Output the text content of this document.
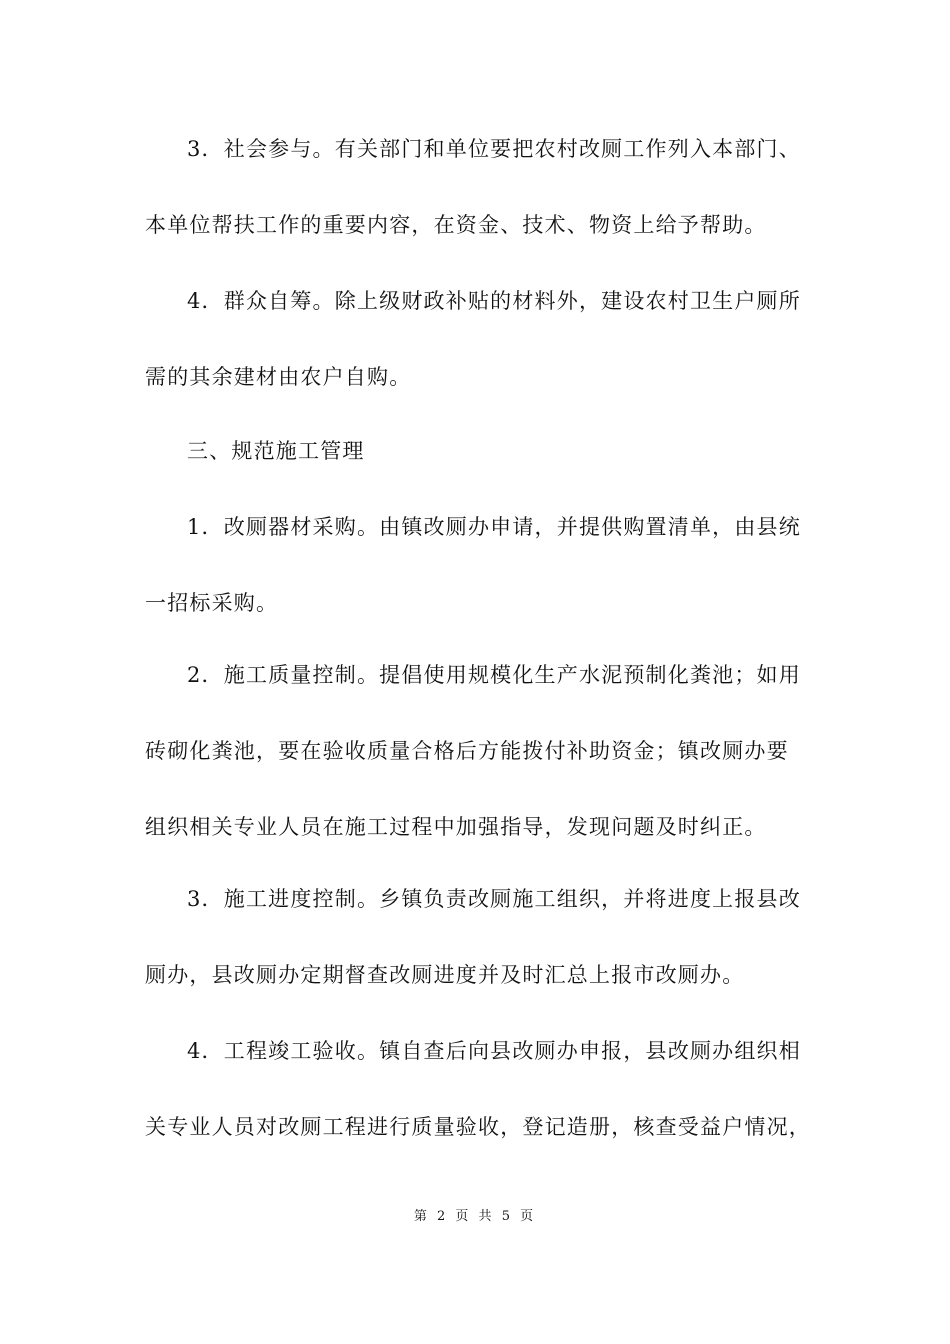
3．社会参与。有关部门和单位要把农村改厕工作列入本部门、
本单位帮扶工作的重要内容，在资金、技术、物资上给予帮助。
4．群众自筹。除上级财政补贴的材料外，建设农村卫生户厕所
需的其余建材由农户自购。
三、规范施工管理
1．改厕器材采购。由镇改厕办申请，并提供购置清单，由县统
一招标采购。
2．施工质量控制。提倡使用规模化生产水泥预制化粪池；如用
砖砌化粪池，要在验收质量合格后方能拨付补助资金；镇改厕办要
组织相关专业人员在施工过程中加强指导，发现问题及时纠正。
3．施工进度控制。乡镇负责改厕施工组织，并将进度上报县改
厕办，县改厕办定期督查改厕进度并及时汇总上报市改厕办。
4．工程竣工验收。镇自查后向县改厕办申报，县改厕办组织相
关专业人员对改厕工程进行质量验收，登记造册，核查受益户情况，
第 2 页 共 5 页
